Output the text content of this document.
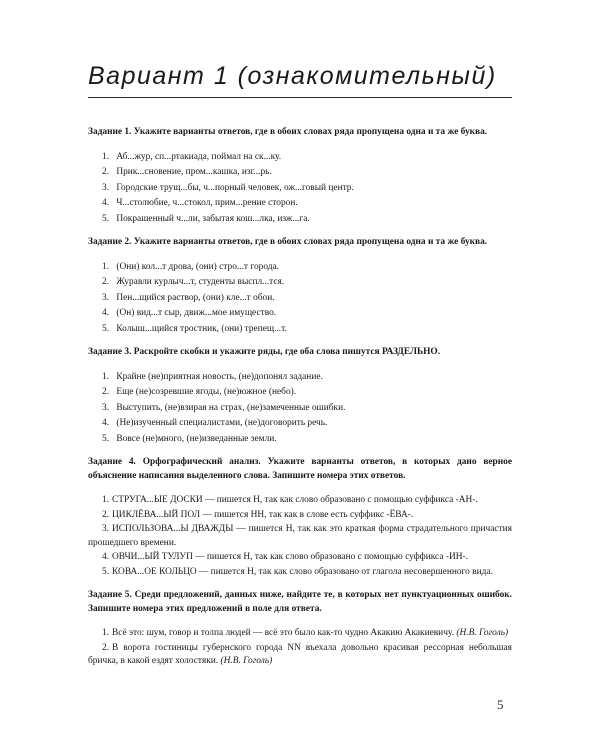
Вариант 1 (ознакомительный)

Задание 1. Укажите варианты ответов, где в обоих словах ряда пропущена одна и та же буква.

1. Аб...жур, сп...ртакиада, поймал на ск...ку.
2. Прик...сновение, пром...кашка, изг...рь.
3. Городские трущ...бы, ч...порный человек, ож...говый центр.
4. Ч...столюбие, ч...стокол, прим...рение сторон.
5. Покрашенный ч...ли, забытая кош...лка, изж...га.

Задание 2. Укажите варианты ответов, где в обоих словах ряда пропущена одна и та же буква.

1. (Они) кол...т дрова, (они) стро...т города.
2. Журавли курлыч...т, студенты выспл...тся.
3. Пен...щийся раствор, (они) кле...т обои.
4. (Он) вид...т сыр, движ...мое имущество.
5. Колыш...щийся тростник, (они) трепещ...т.

Задание 3. Раскройте скобки и укажите ряды, где оба слова пишутся РАЗДЕЛЬНО.

1. Крайне (не)приятная новость, (не)допонял задание.
2. Еще (не)созревшие ягоды, (не)южное (небо).
3. Выступить, (не)взирая на страх, (не)замеченные ошибки.
4. (Не)изученный специалистами, (не)договорить речь.
5. Вовсе (не)много, (не)изведанные земли.

Задание 4. Орфографический анализ. Укажите варианты ответов, в которых дано верное объяснение написания выделенного слова. Запишите номера этих ответов.

1. СТРУГА...ЫЕ ДОСКИ — пишется Н, так как слово образовано с помощью суффикса -АН-.
2. ЦИКЛЁВА...ЫЙ ПОЛ — пишется НН, так как в слове есть суффикс -ЁВА-.
3. ИСПОЛЬЗОВА...Ы ДВАЖДЫ — пишется Н, так как это краткая форма страдательного причастия прошедшего времени.
4. ОВЧИ...ЫЙ ТУЛУП — пишется Н, так как слово образовано с помощью суффикса -ИН-.
5. КОВА...ОЕ КОЛЬЦО — пишется Н, так как слово образовано от глагола несовершенного вида.

Задание 5. Среди предложений, данных ниже, найдите те, в которых нет пунктуационных ошибок. Запишите номера этих предложений в поле для ответа.

1. Всё это: шум, говор и толпа людей — всё это было как-то чудно Акакию Акакиевичу. (Н.В. Гоголь)
2. В ворота гостиницы губернского города NN въехала довольно красивая рессорная небольшая бричка, в какой ездят холостяки. (Н.В. Гоголь)
5
